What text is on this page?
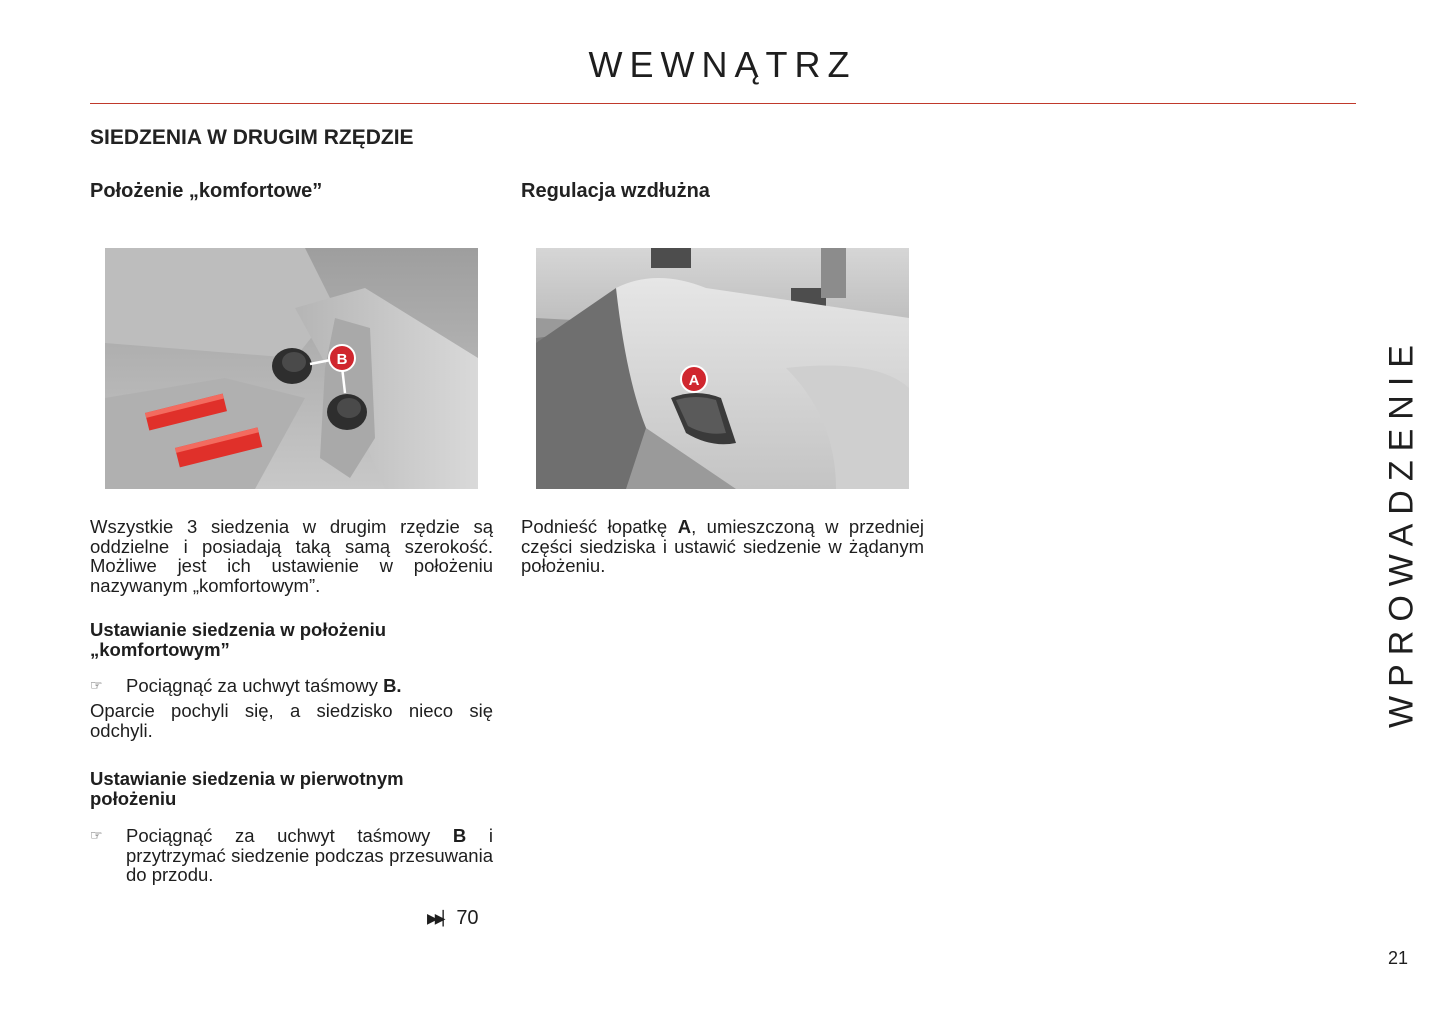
WEWNĄTRZ
SIEDZENIA W DRUGIM RZĘDZIE
Położenie „komfortowe”
B
Wszystkie 3 siedzenia w drugim rzędzie są oddzielne i posiadają taką samą szerokość. Możliwe jest ich ustawienie w położeniu nazywanym „komfortowym”.
Ustawianie siedzenia w położeniu „komfortowym”
☞	Pociągnąć za uchwyt taśmowy B.
Oparcie pochyli się, a siedzisko nieco się odchyli.
Ustawianie siedzenia w pierwotnym położeniu
☞	Pociągnąć za uchwyt taśmowy B i przytrzymać siedzenie podczas przesuwania do przodu.
▶▶▏ 70
Regulacja wzdłużna
A
Podnieść łopatkę A, umieszczoną w przedniej części siedziska i ustawić siedzenie w żądanym położeniu.	WPROWADZENIE
21
